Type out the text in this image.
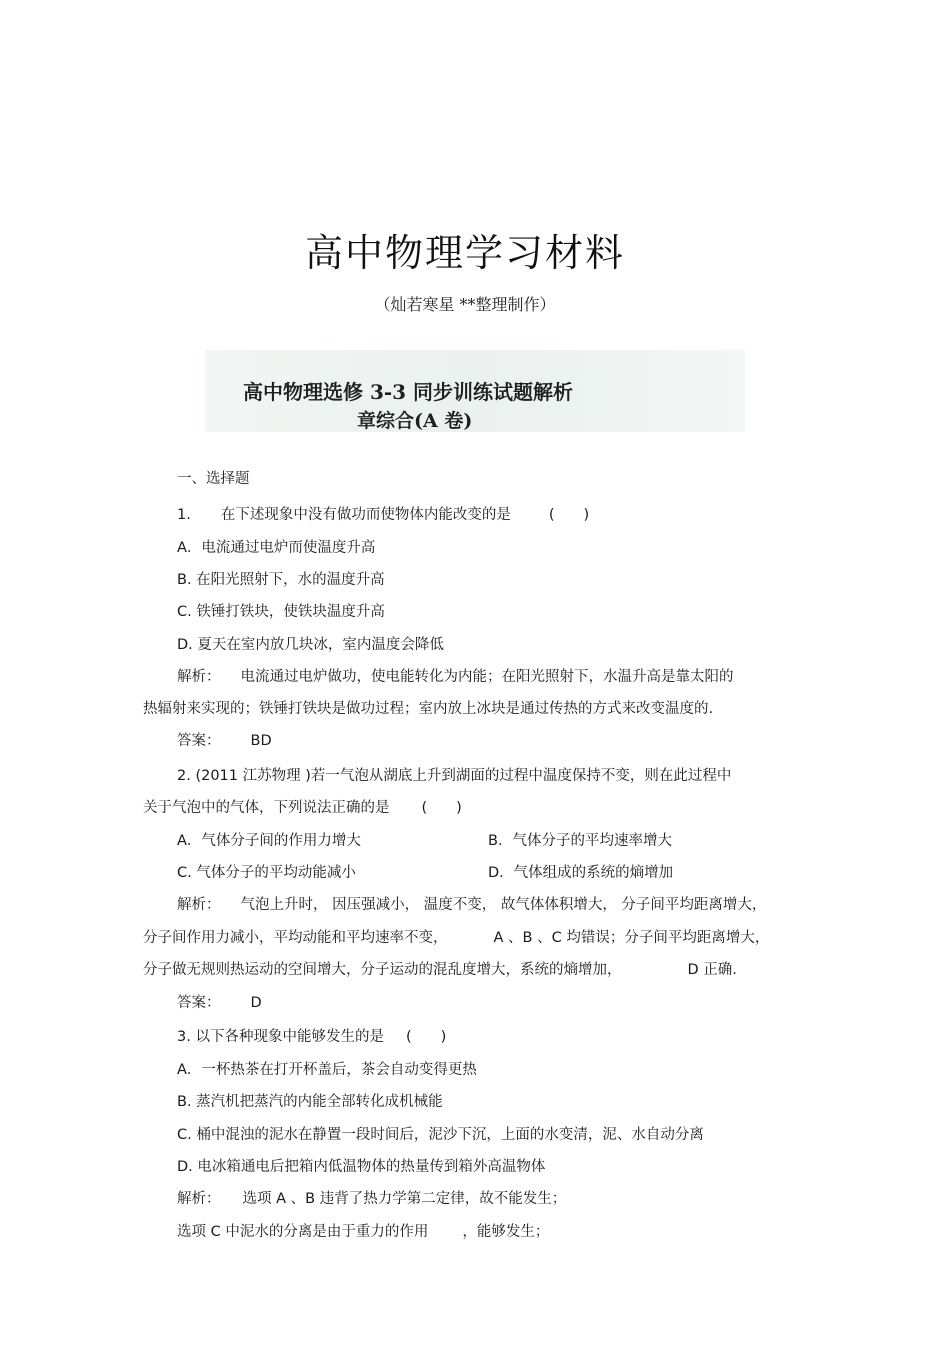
高中物理学习材料
（灿若寒星 **整理制作）
高中物理选修 3-3 同步训练试题解析
章综合(A 卷)
一、选择题
1. 在下述现象中没有做功而使物体内能改变的是	(　　)
A．电流通过电炉而使温度升高
B. 在阳光照射下，水的温度升高
C. 铁锤打铁块，使铁块温度升高
D. 夏天在室内放几块冰，室内温度会降低
解析： 电流通过电炉做功，使电能转化为内能；在阳光照射下，水温升高是靠太阳的
热辐射来实现的；铁锤打铁块是做功过程；室内放上冰块是通过传热的方式来改变温度的.
答案： BD
2. (2011 江苏物理 )若一气泡从湖底上升到湖面的过程中温度保持不变，则在此过程中
关于气泡中的气体，下列说法正确的是 (　　)
A．气体分子间的作用力增大	B．气体分子的平均速率增大
C. 气体分子的平均动能减小	D．气体组成的系统的熵增加
解析： 气泡上升时， 因压强减小， 温度不变， 故气体体积增大， 分子间平均距离增大，
分子间作用力减小，平均动能和平均速率不变，	A 、B 、C 均错误；分子间平均距离增大，
分子做无规则热运动的空间增大，分子运动的混乱度增大，系统的熵增加，	D 正确.
答案： D
3. 以下各种现象中能够发生的是 (　　)
A．一杯热茶在打开杯盖后，茶会自动变得更热
B. 蒸汽机把蒸汽的内能全部转化成机械能
C. 桶中混浊的泥水在静置一段时间后，泥沙下沉，上面的水变清，泥、水自动分离
D. 电冰箱通电后把箱内低温物体的热量传到箱外高温物体
解析： 选项 A 、B 违背了热力学第二定律，故不能发生；
选项 C 中泥水的分离是由于重力的作用 ，能够发生；
